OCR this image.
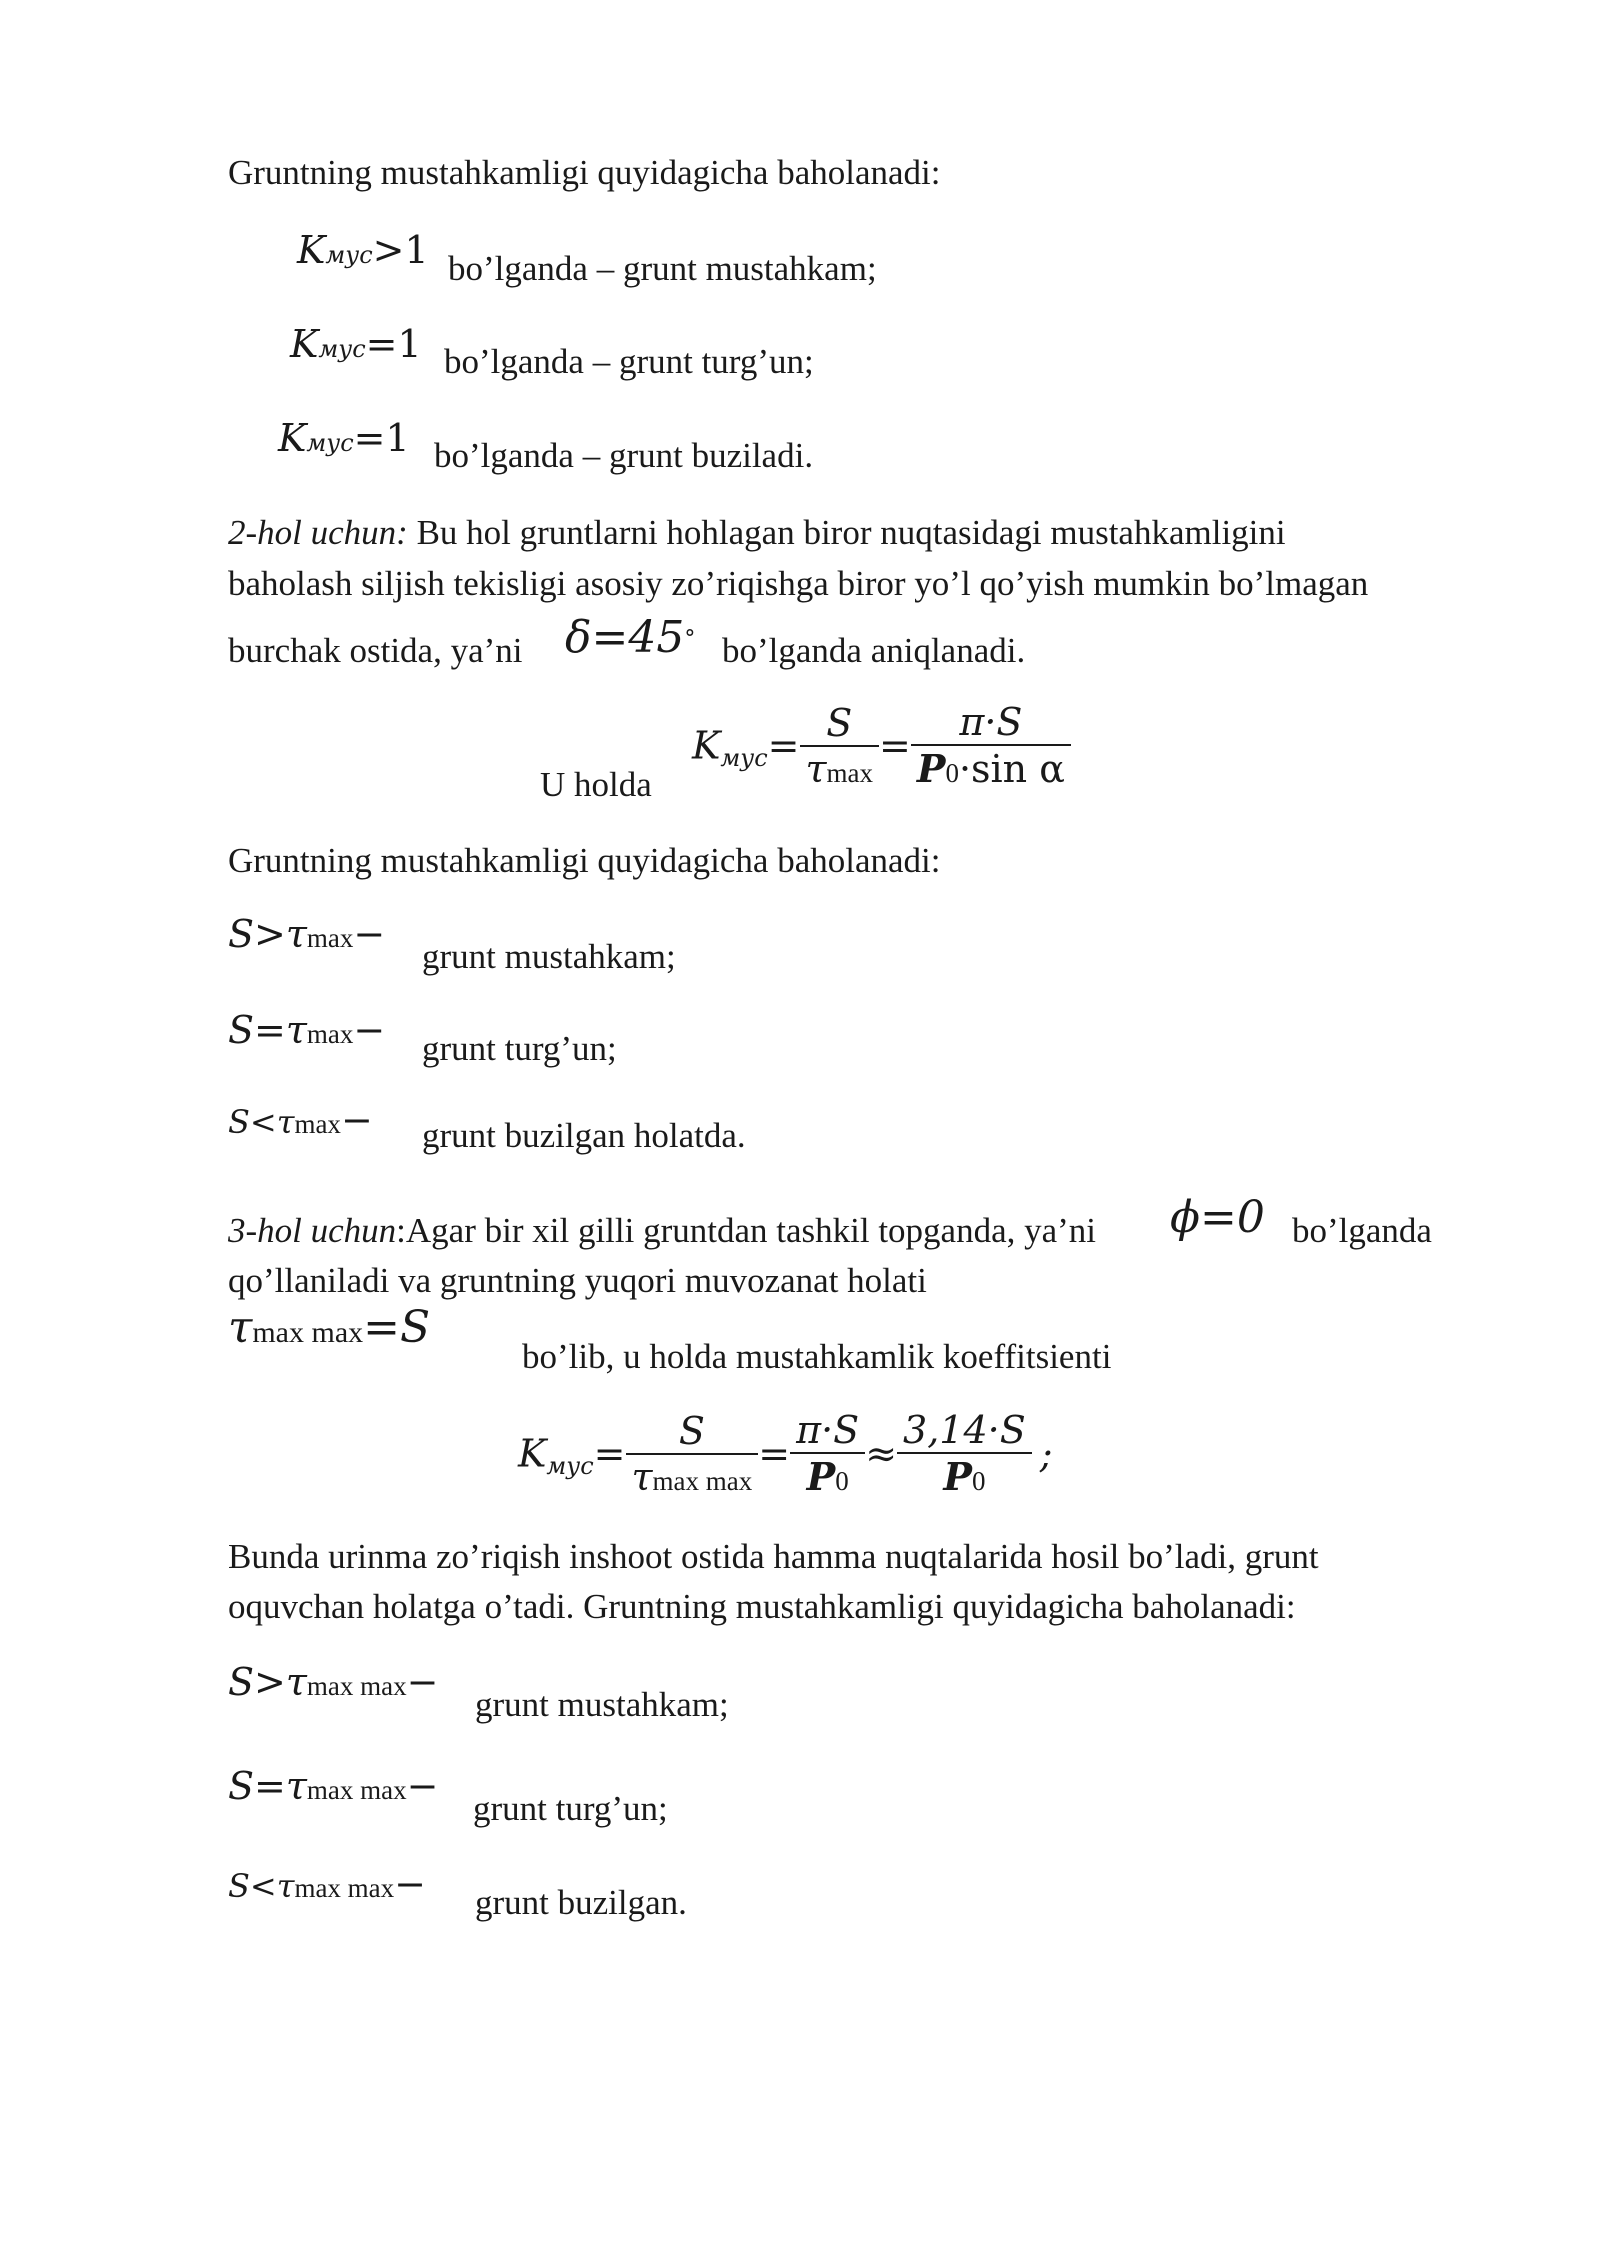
Gruntning mustahkamligi quyidagicha baholanadi:
Kмус>1 bo’lganda – grunt mustahkam;
Kмус=1 bo’lganda – grunt turg’un;
Kмус=1 bo’lganda – grunt buziladi.
2-hol uchun: Bu hol gruntlarni hohlagan biror nuqtasidagi mustahkamligini
baholash siljish tekisligi asosiy zo’riqishga biror yo’l qo’yish mumkin bo’lmagan
burchak ostida, ya’ni δ=45° bo’lganda aniqlanadi.
U holda
Kмус= $\frac{S}{\tau\max} = \frac{\pi\cdot S}{\text{P0·sin α}}$
Gruntning mustahkamligi quyidagicha baholanadi:
S>τmax−
grunt mustahkam;
S=τmax− grunt turg’un;
S<τmax− grunt buzilgan holatda.
3-hol uchun:Agar bir xil gilli gruntdan tashkil topganda, ya’ni ϕ=0 bo’lganda
qo’llaniladi va gruntning yuqori muvozanat holati
τmax max=S
bo’lib, u holda mustahkamlik koeffitsienti
Kмус= $\frac{S}{\text{τmax max}} = \frac{\pi\cdot S}{P0} \approx \frac{3,14\cdot S}{P0}$ ;
Bunda urinma zo’riqish inshoot ostida hamma nuqtalarida hosil bo’ladi, grunt
oquvchan holatga o’tadi. Gruntning mustahkamligi quyidagicha baholanadi:
S>τmax max−
grunt mustahkam;
S=τmax max−
grunt turg’un;
S<τmax max− grunt buzilgan.
